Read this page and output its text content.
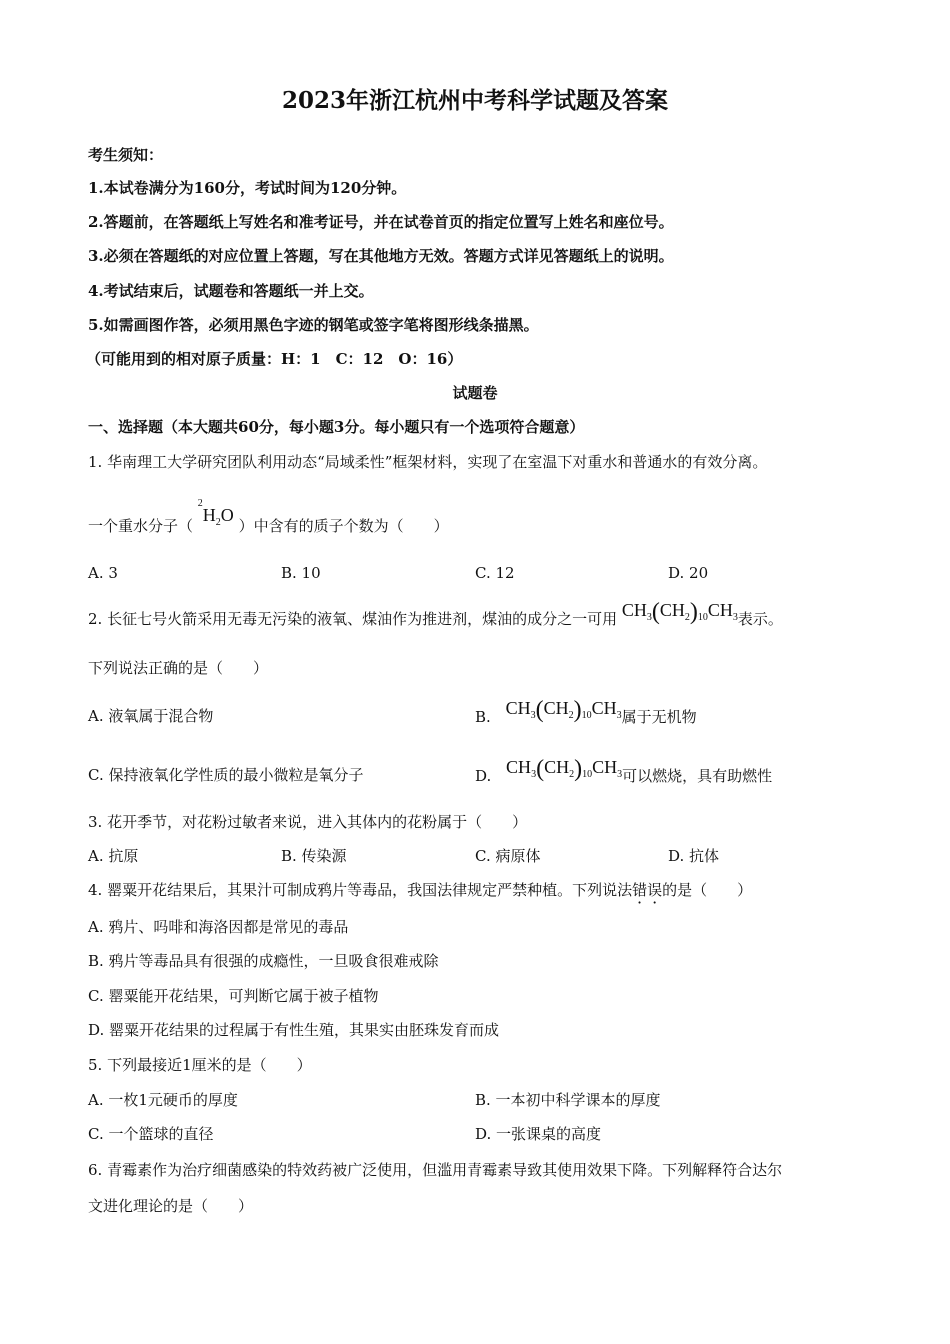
2023年浙江杭州中考科学试题及答案
考生须知：
1.本试卷满分为160分，考试时间为120分钟。
2.答题前，在答题纸上写姓名和准考证号，并在试卷首页的指定位置写上姓名和座位号。
3.必须在答题纸的对应位置上答题，写在其他地方无效。答题方式详见答题纸上的说明。
4.考试结束后，试题卷和答题纸一并上交。
5.如需画图作答，必须用黑色字迹的钢笔或签字笔将图形线条描黑。
（可能用到的相对原子质量：H：1　C：12　O：16）
试题卷
一、选择题（本大题共60分，每小题3分。每小题只有一个选项符合题意）
1. 华南理工大学研究团队利用动态“局域柔性”框架材料，实现了在室温下对重水和普通水的有效分离。
一个重水分子（ $^2H_2O$ ）中含有的质子个数为（　　）
A. 3	B. 10	C. 12	D. 20
2. 长征七号火箭采用无毒无污染的液氧、煤油作为推进剂，煤油的成分之一可用 $CH_3(CH_2)_{10}CH_3$表示。
下列说法正确的是（　　）
A. 液氧属于混合物	B. $CH_3(CH_2)_{10}CH_3$属于无机物
C. 保持液氧化学性质的最小微粒是氧分子	D. $CH_3(CH_2)_{10}CH_3$可以燃烧，具有助燃性
3. 花开季节，对花粉过敏者来说，进入其体内的花粉属于（　　）
A. 抗原	B. 传染源	C. 病原体	D. 抗体
4. 罂粟开花结果后，其果汁可制成鸦片等毒品，我国法律规定严禁种植。下列说法错误的是（　　）
A. 鸦片、吗啡和海洛因都是常见的毒品
B. 鸦片等毒品具有很强的成瘾性，一旦吸食很难戒除
C. 罂粟能开花结果，可判断它属于被子植物
D. 罂粟开花结果的过程属于有性生殖，其果实由胚珠发育而成
5. 下列最接近1厘米的是（　　）
A. 一枚1元硬币的厚度	B. 一本初中科学课本的厚度
C. 一个篮球的直径	D. 一张课桌的高度
6. 青霉素作为治疗细菌感染的特效药被广泛使用，但滥用青霉素导致其使用效果下降。下列解释符合达尔
文进化理论的是（　　）
